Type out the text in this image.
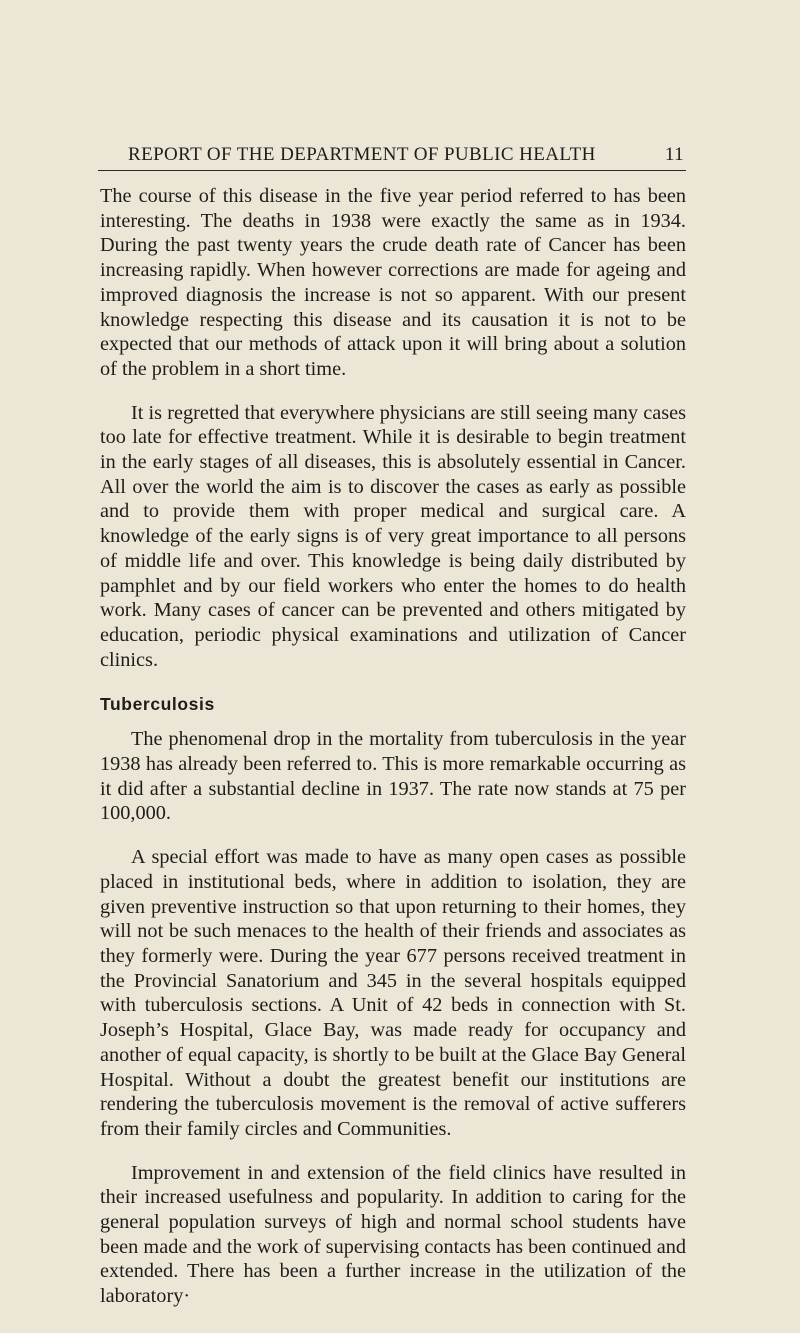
REPORT OF THE DEPARTMENT OF PUBLIC HEALTH	11

The course of this disease in the five year period referred to has been interesting. The deaths in 1938 were exactly the same as in 1934. During the past twenty years the crude death rate of Cancer has been increasing rapidly. When however corrections are made for ageing and improved diagnosis the increase is not so apparent. With our present knowledge respecting this disease and its causation it is not to be expected that our methods of attack upon it will bring about a solution of the problem in a short time.

It is regretted that everywhere physicians are still seeing many cases too late for effective treatment. While it is desirable to begin treatment in the early stages of all diseases, this is absolutely essential in Cancer. All over the world the aim is to discover the cases as early as possible and to provide them with proper medical and surgical care. A knowledge of the early signs is of very great importance to all persons of middle life and over. This knowledge is being daily distributed by pamphlet and by our field workers who enter the homes to do health work. Many cases of cancer can be prevented and others mitigated by education, periodic physical examinations and utilization of Cancer clinics.

Tuberculosis

The phenomenal drop in the mortality from tuberculosis in the year 1938 has already been referred to. This is more remarkable occurring as it did after a substantial decline in 1937. The rate now stands at 75 per 100,000.

A special effort was made to have as many open cases as possible placed in institutional beds, where in addition to isolation, they are given preventive instruction so that upon returning to their homes, they will not be such menaces to the health of their friends and associates as they formerly were. During the year 677 persons received treatment in the Provincial Sanatorium and 345 in the several hospitals equipped with tuberculosis sections. A Unit of 42 beds in connection with St. Joseph’s Hospital, Glace Bay, was made ready for occupancy and another of equal capacity, is shortly to be built at the Glace Bay General Hospital. Without a doubt the greatest benefit our institutions are rendering the tuberculosis movement is the removal of active sufferers from their family circles and Communities.

Improvement in and extension of the field clinics have resulted in their increased usefulness and popularity. In addition to caring for the general population surveys of high and normal school students have been made and the work of supervising contacts has been continued and extended. There has been a further increase in the utilization of the laboratory·
